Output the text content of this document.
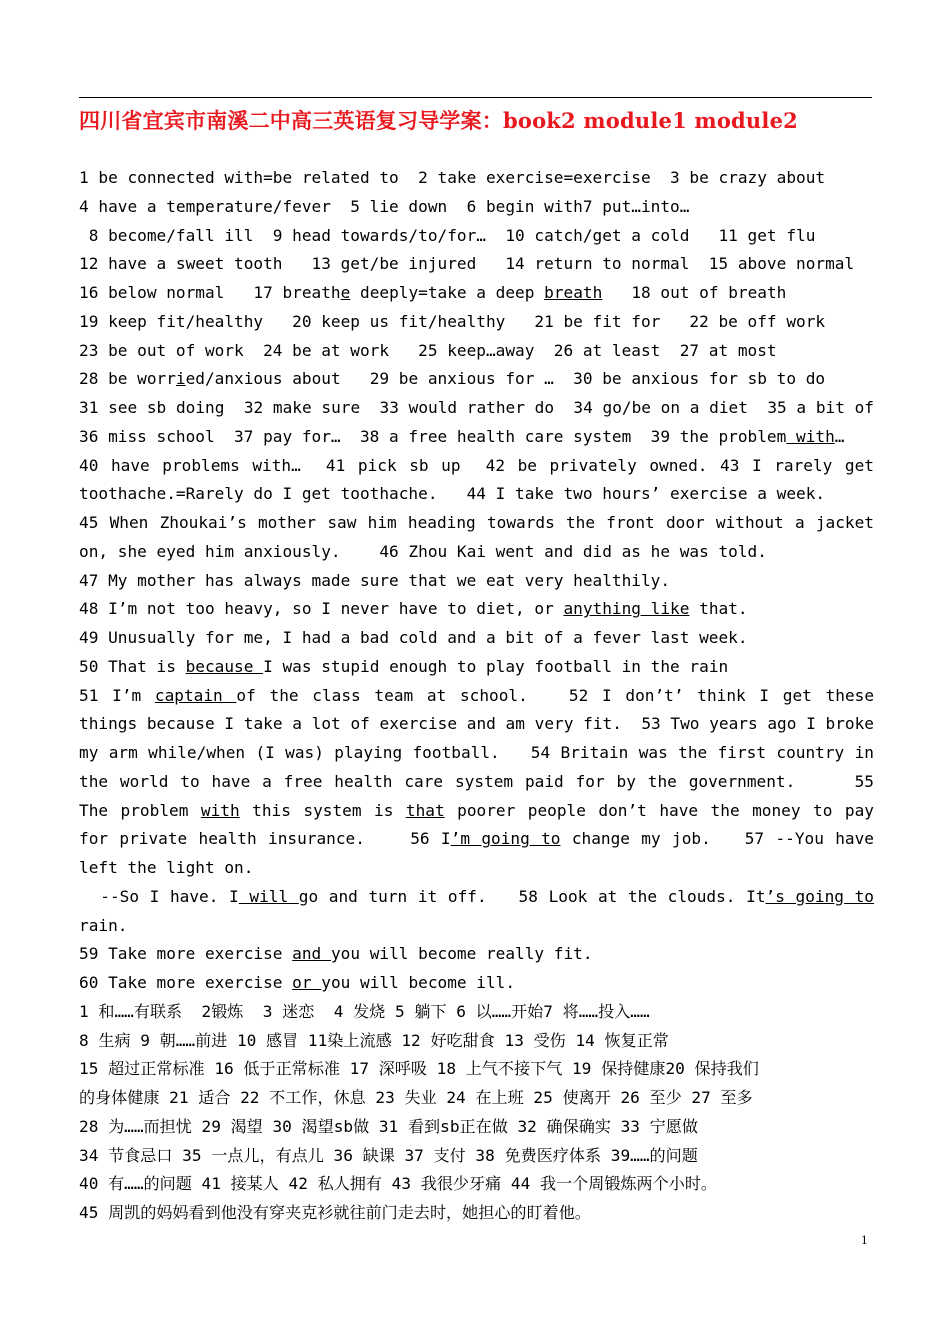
四川省宜宾市南溪二中高三英语复习导学案：book2 module1 module2
1 be connected with=be related to  2 take exercise=exercise  3 be crazy about
4 have a temperature/fever  5 lie down  6 begin with7 put…into…
8 become/fall ill  9 head towards/to/for…  10 catch/get a cold   11 get flu
12 have a sweet tooth   13 get/be injured   14 return to normal  15 above normal
16 below normal   17 breathe deeply=take a deep breath   18 out of breath
19 keep fit/healthy   20 keep us fit/healthy   21 be fit for   22 be off work
23 be out of work  24 be at work   25 keep…away  26 at least  27 at most
28 be worried/anxious about   29 be anxious for …  30 be anxious for sb to do
31 see sb doing  32 make sure  33 would rather do  34 go/be on a diet  35 a bit of
36 miss school  37 pay for…  38 a free health care system  39 the problem with…
40 have problems with…  41 pick sb up  42 be privately owned. 43 I rarely get
toothache.=Rarely do I get toothache.   44 I take two hours’ exercise a week.
45 When Zhoukai’s mother saw him heading towards the front door without a jacket
on, she eyed him anxiously.    46 Zhou Kai went and did as he was told.
47 My mother has always made sure that we eat very healthily.
48 I’m not too heavy, so I never have to diet, or anything like that.
49 Unusually for me, I had a bad cold and a bit of a fever last week.
50 That is because I was stupid enough to play football in the rain
51 I’m captain of the class team at school.   52 I don’t’ think I get these
things because I take a lot of exercise and am very fit.  53 Two years ago I broke
my arm while/when (I was) playing football.   54 Britain was the first country in
the world to have a free health care system paid for by the government.     55
The problem with this system is that poorer people don’t have the money to pay
for private health insurance.    56 I’m going to change my job.   57 --You have
left the light on.
--So I have. I will go and turn it off.   58 Look at the clouds. It’s going to
rain.
59 Take more exercise and you will become really fit.
60 Take more exercise or you will become ill.
1 和……有联系  2锻炼  3 迷恋  4 发烧 5 躺下 6 以……开始7 将……投入……
8 生病 9 朝……前进 10 感冒 11染上流感 12 好吃甜食 13 受伤 14 恢复正常
15 超过正常标准 16 低于正常标准 17 深呼吸 18 上气不接下气 19 保持健康20 保持我们
的身体健康 21 适合 22 不工作，休息 23 失业 24 在上班 25 使离开 26 至少 27 至多
28 为……而担忧 29 渴望 30 渴望sb做 31 看到sb正在做 32 确保确实 33 宁愿做
34 节食忌口 35 一点儿，有点儿 36 缺课 37 支付 38 免费医疗体系 39……的问题
40 有……的问题 41 接某人 42 私人拥有 43 我很少牙痛 44 我一个周锻炼两个小时。
45 周凯的妈妈看到他没有穿夹克衫就往前门走去时，她担心的盯着他。
1
